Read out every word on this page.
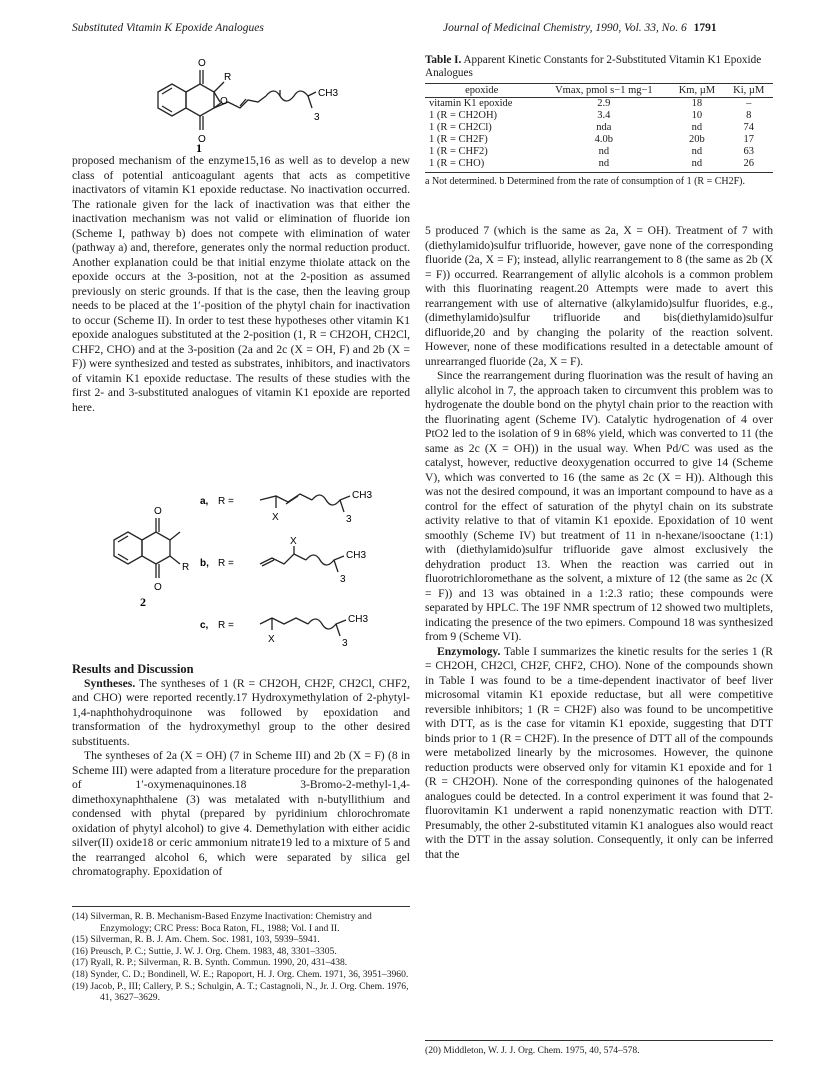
Substituted Vitamin K Epoxide Analogues	Journal of Medicinal Chemistry, 1990, Vol. 33, No. 6 1791
O
O
O
R
CH3
3
1

proposed mechanism of the enzyme15,16 as well as to develop a new class of potential anticoagulant agents that acts as competitive inactivators of vitamin K1 epoxide reductase. No inactivation occurred. The rationale given for the lack of inactivation was that either the inactivation mechanism was not valid or elimination of fluoride ion (Scheme I, pathway b) does not compete with elimination of water (pathway a) and, therefore, generates only the normal reduction product. Another explanation could be that initial enzyme thiolate attack on the epoxide occurs at the 3-position, not at the 2-position as assumed previously on steric grounds. If that is the case, then the leaving group needs to be placed at the 1′-position of the phytyl chain for inactivation to occur (Scheme II). In order to test these hypotheses other vitamin K1 epoxide analogues substituted at the 2-position (1, R = CH2OH, CH2Cl, CHF2, CHO) and at the 3-position (2a and 2c (X = OH, F) and 2b (X = F)) were synthesized and tested as substrates, inhibitors, and inactivators of vitamin K1 epoxide reductase. The results of these studies with the first 2- and 3-substituted analogues of vitamin K1 epoxide are reported here.

O
O
R
a, R =
X
CH3
3
b, R =
X
CH3
3
c, R =
X
CH3
3
2

Results and Discussion

Syntheses. The syntheses of 1 (R = CH2OH, CH2F, CH2Cl, CHF2, and CHO) were reported recently.17 Hydroxymethylation of 2-phytyl-1,4-naphthohydroquinone was followed by epoxidation and transformation of the hydroxymethyl group to the other desired substituents.

The syntheses of 2a (X = OH) (7 in Scheme III) and 2b (X = F) (8 in Scheme III) were adapted from a literature procedure for the preparation of 1′-oxymenaquinones.18 3-Bromo-2-methyl-1,4-dimethoxynaphthalene (3) was metalated with n-butyllithium and condensed with phytal (prepared by pyridinium chlorochromate oxidation of phytyl alcohol) to give 4. Demethylation with either acidic silver(II) oxide18 or ceric ammonium nitrate19 led to a mixture of 5 and the rearranged alcohol 6, which were separated by silica gel chromatography. Epoxidation of

(14) Silverman, R. B. Mechanism-Based Enzyme Inactivation: Chemistry and Enzymology; CRC Press: Boca Raton, FL, 1988; Vol. I and II.

(15) Silverman, R. B. J. Am. Chem. Soc. 1981, 103, 5939–5941.

(16) Preusch, P. C.; Suttie, J. W. J. Org. Chem. 1983, 48, 3301–3305.

(17) Ryall, R. P.; Silverman, R. B. Synth. Commun. 1990, 20, 431–438.

(18) Synder, C. D.; Bondinell, W. E.; Rapoport, H. J. Org. Chem. 1971, 36, 3951–3960.

(19) Jacob, P., III; Callery, P. S.; Schulgin, A. T.; Castagnoli, N., Jr. J. Org. Chem. 1976, 41, 3627–3629.

Table I. Apparent Kinetic Constants for 2-Substituted Vitamin K1 Epoxide Analogues
epoxide	Vmax, pmol s−1 mg−1	Km, µM	Ki, µM
vitamin K1 epoxide	2.9	18	–
1 (R = CH2OH)	3.4	10	8
1 (R = CH2Cl)	nda	nd	74
1 (R = CH2F)	4.0b	20b	17
1 (R = CHF2)	nd	nd	63
1 (R = CHO)	nd	nd	26
a Not determined. b Determined from the rate of consumption of 1 (R = CH2F).

5 produced 7 (which is the same as 2a, X = OH). Treatment of 7 with (diethylamido)sulfur trifluoride, however, gave none of the corresponding fluoride (2a, X = F); instead, allylic rearrangement to 8 (the same as 2b (X = F)) occurred. Rearrangement of allylic alcohols is a common problem with this fluorinating reagent.20 Attempts were made to avert this rearrangement with use of alternative (alkylamido)sulfur fluorides, e.g., (dimethylamido)sulfur trifluoride and bis(diethylamido)sulfur difluoride,20 and by changing the polarity of the reaction solvent. However, none of these modifications resulted in a detectable amount of unrearranged fluoride (2a, X = F).

Since the rearrangement during fluorination was the result of having an allylic alcohol in 7, the approach taken to circumvent this problem was to hydrogenate the double bond on the phytyl chain prior to the reaction with the fluorinating agent (Scheme IV). Catalytic hydrogenation of 4 over PtO2 led to the isolation of 9 in 68% yield, which was converted to 11 (the same as 2c (X = OH)) in the usual way. When Pd/C was used as the catalyst, however, reductive deoxygenation occurred to give 14 (Scheme V), which was converted to 16 (the same as 2c (X = H)). Although this was not the desired compound, it was an important compound to have as a control for the effect of saturation of the phytyl chain on its substrate activity relative to that of vitamin K1 epoxide. Epoxidation of 10 went smoothly (Scheme IV) but treatment of 11 in n-hexane/isooctane (1:1) with (diethylamido)sulfur trifluoride gave almost exclusively the dehydration product 13. When the reaction was carried out in fluorotrichloromethane as the solvent, a mixture of 12 (the same as 2c (X = F)) and 13 was obtained in a 1:2.3 ratio; these compounds were separated by HPLC. The 19F NMR spectrum of 12 showed two multiplets, indicating the presence of the two epimers. Compound 18 was synthesized from 9 (Scheme VI).

Enzymology. Table I summarizes the kinetic results for the series 1 (R = CH2OH, CH2Cl, CH2F, CHF2, CHO). None of the compounds shown in Table I was found to be a time-dependent inactivator of beef liver microsomal vitamin K1 epoxide reductase, but all were competitive reversible inhibitors; 1 (R = CH2F) also was found to be uncompetitive with DTT, as is the case for vitamin K1 epoxide, suggesting that DTT binds prior to 1 (R = CH2F). In the presence of DTT all of the compounds were metabolized linearly by the microsomes. However, the quinone reduction products were observed only for vitamin K1 epoxide and for 1 (R = CH2OH). None of the corresponding quinones of the halogenated analogues could be detected. In a control experiment it was found that 2-fluorovitamin K1 underwent a rapid nonenzymatic reaction with DTT. Presumably, the other 2-substituted vitamin K1 analogues also would react with the DTT in the assay solution. Consequently, it only can be inferred that the

(20) Middleton, W. J. J. Org. Chem. 1975, 40, 574–578.
